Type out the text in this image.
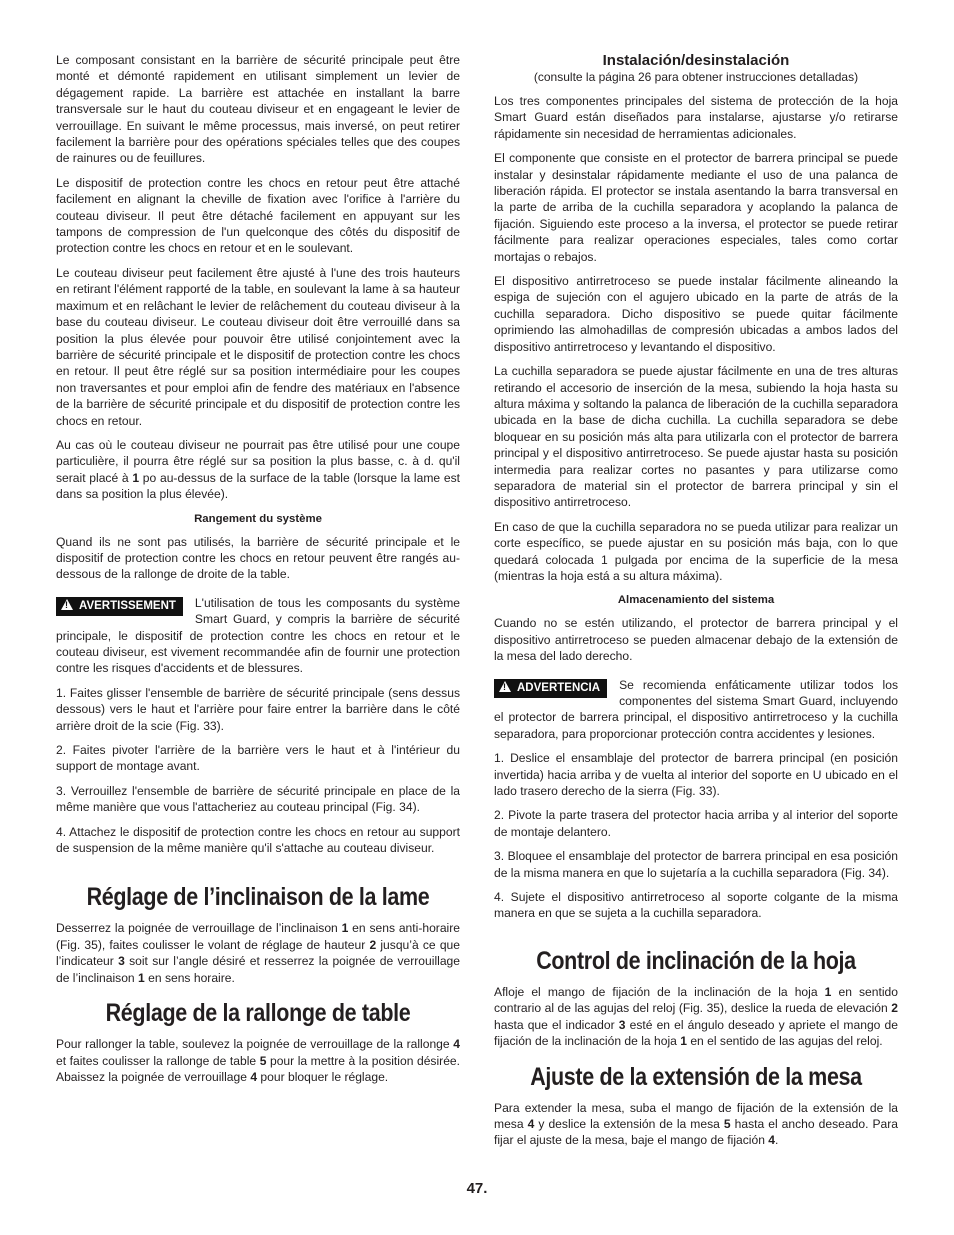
Le composant consistant en la barrière de sécurité principale peut être monté et démonté rapidement en utilisant simplement un levier de dégagement rapide. La barrière est attachée en installant la barre transversale sur le haut du couteau diviseur et en engageant le levier de verrouillage. En suivant le même processus, mais inversé, on peut retirer facilement la barrière pour des opérations spéciales telles que des coupes de rainures ou de feuillures.

Le dispositif de protection contre les chocs en retour peut être attaché facilement en alignant la cheville de fixation avec l'orifice à l'arrière du couteau diviseur. Il peut être détaché facilement en appuyant sur les tampons de compression de l'un quelconque des côtés du dispositif de protection contre les chocs en retour et en le soulevant.

Le couteau diviseur peut facilement être ajusté à l'une des trois hauteurs en retirant l'élément rapporté de la table, en soulevant la lame à sa hauteur maximum et en relâchant le levier de relâchement du couteau diviseur à la base du couteau diviseur. Le couteau diviseur doit être verrouillé dans sa position la plus élevée pour pouvoir être utilisé conjointement avec la barrière de sécurité principale et le dispositif de protection contre les chocs en retour. Il peut être réglé sur sa position intermédiaire pour les coupes non traversantes et pour emploi afin de fendre des matériaux en l'absence de la barrière de sécurité principale et du dispositif de protection contre les chocs en retour.

Au cas où le couteau diviseur ne pourrait pas être utilisé pour une coupe particulière, il pourra être réglé sur sa position la plus basse, c. à d. qu'il serait placé à 1 po au-dessus de la surface de la table (lorsque la lame est dans sa position la plus élevée).

Rangement du système

Quand ils ne sont pas utilisés, la barrière de sécurité principale et le dispositif de protection contre les chocs en retour peuvent être rangés au-dessous de la rallonge de droite de la table.

!AVERTISSEMENT	L'utilisation de tous les composants du système Smart Guard, y compris la barrière de sécurité principale, le dispositif de protection contre les chocs en retour et le couteau diviseur, est vivement recommandée afin de fournir une protection contre les risques d'accidents et de blessures.

1. Faites glisser l'ensemble de barrière de sécurité principale (sens dessus dessous) vers le haut et l'arrière pour faire entrer la barrière dans le côté arrière droit de la scie (Fig. 33).

2. Faites pivoter l'arrière de la barrière vers le haut et à l'intérieur du support de montage avant.

3. Verrouillez l'ensemble de barrière de sécurité principale en place de la même manière que vous l'attacheriez au couteau principal (Fig. 34).

4. Attachez le dispositif de protection contre les chocs en retour au support de suspension de la même manière qu'il s'attache au couteau diviseur.

Réglage de l’inclinaison de la lame

Desserrez la poignée de verrouillage de l’inclinaison 1 en sens anti-horaire (Fig. 35), faites coulisser le volant de réglage de hauteur 2 jusqu’à ce que l’indicateur 3 soit sur l’angle désiré et resserrez la poignée de verrouillage de l’inclinaison 1 en sens horaire.

Réglage de la rallonge de table

Pour rallonger la table, soulevez la poignée de verrouillage de la rallonge 4 et faites coulisser la rallonge de table 5 pour la mettre à la position désirée. Abaissez la poignée de verrouillage 4 pour bloquer le réglage.

Instalación/desinstalación
(consulte la página 26 para obtener instrucciones detalladas)

Los tres componentes principales del sistema de protección de la hoja Smart Guard están diseñados para instalarse, ajustarse y/o retirarse rápidamente sin necesidad de herramientas adicionales.

El componente que consiste en el protector de barrera principal se puede instalar y desinstalar rápidamente mediante el uso de una palanca de liberación rápida. El protector se instala asentando la barra transversal en la parte de arriba de la cuchilla separadora y acoplando la palanca de fijación. Siguiendo este proceso a la inversa, el protector se puede retirar fácilmente para realizar operaciones especiales, tales como cortar mortajas o rebajos.

El dispositivo antirretroceso se puede instalar fácilmente alineando la espiga de sujeción con el agujero ubicado en la parte de atrás de la cuchilla separadora. Dicho dispositivo se puede quitar fácilmente oprimiendo las almohadillas de compresión ubicadas a ambos lados del dispositivo antirretroceso y levantando el dispositivo.

La cuchilla separadora se puede ajustar fácilmente en una de tres alturas retirando el accesorio de inserción de la mesa, subiendo la hoja hasta su altura máxima y soltando la palanca de liberación de la cuchilla separadora ubicada en la base de dicha cuchilla. La cuchilla separadora se debe bloquear en su posición más alta para utilizarla con el protector de barrera principal y el dispositivo antirretroceso. Se puede ajustar hasta su posición intermedia para realizar cortes no pasantes y para utilizarse como separadora de material sin el protector de barrera principal y sin el dispositivo antirretroceso.

En caso de que la cuchilla separadora no se pueda utilizar para realizar un corte específico, se puede ajustar en su posición más baja, con lo que quedará colocada 1 pulgada por encima de la superficie de la mesa (mientras la hoja está a su altura máxima).

Almacenamiento del sistema

Cuando no se estén utilizando, el protector de barrera principal y el dispositivo antirretroceso se pueden almacenar debajo de la extensión de la mesa del lado derecho.

!ADVERTENCIA	Se recomienda enfáticamente utilizar todos los componentes del sistema Smart Guard, incluyendo el protector de barrera principal, el dispositivo antirretroceso y la cuchilla separadora, para proporcionar protección contra accidentes y lesiones.

1. Deslice el ensamblaje del protector de barrera principal (en posición invertida) hacia arriba y de vuelta al interior del soporte en U ubicado en el lado trasero derecho de la sierra (Fig. 33).

2. Pivote la parte trasera del protector hacia arriba y al interior del soporte de montaje delantero.

3. Bloquee el ensamblaje del protector de barrera principal en esa posición de la misma manera en que lo sujetaría a la cuchilla separadora (Fig. 34).

4. Sujete el dispositivo antirretroceso al soporte colgante de la misma manera en que se sujeta a la cuchilla separadora.

Control de inclinación de la hoja

Afloje el mango de fijación de la inclinación de la hoja 1 en sentido contrario al de las agujas del reloj (Fig. 35), deslice la rueda de elevación 2 hasta que el indicador 3 esté en el ángulo deseado y apriete el mango de fijación de la inclinación de la hoja 1 en el sentido de las agujas del reloj.

Ajuste de la extensión de la mesa

Para extender la mesa, suba el mango de fijación de la extensión de la mesa 4 y deslice la extensión de la mesa 5 hasta el ancho deseado. Para fijar el ajuste de la mesa, baje el mango de fijación 4.

47.
